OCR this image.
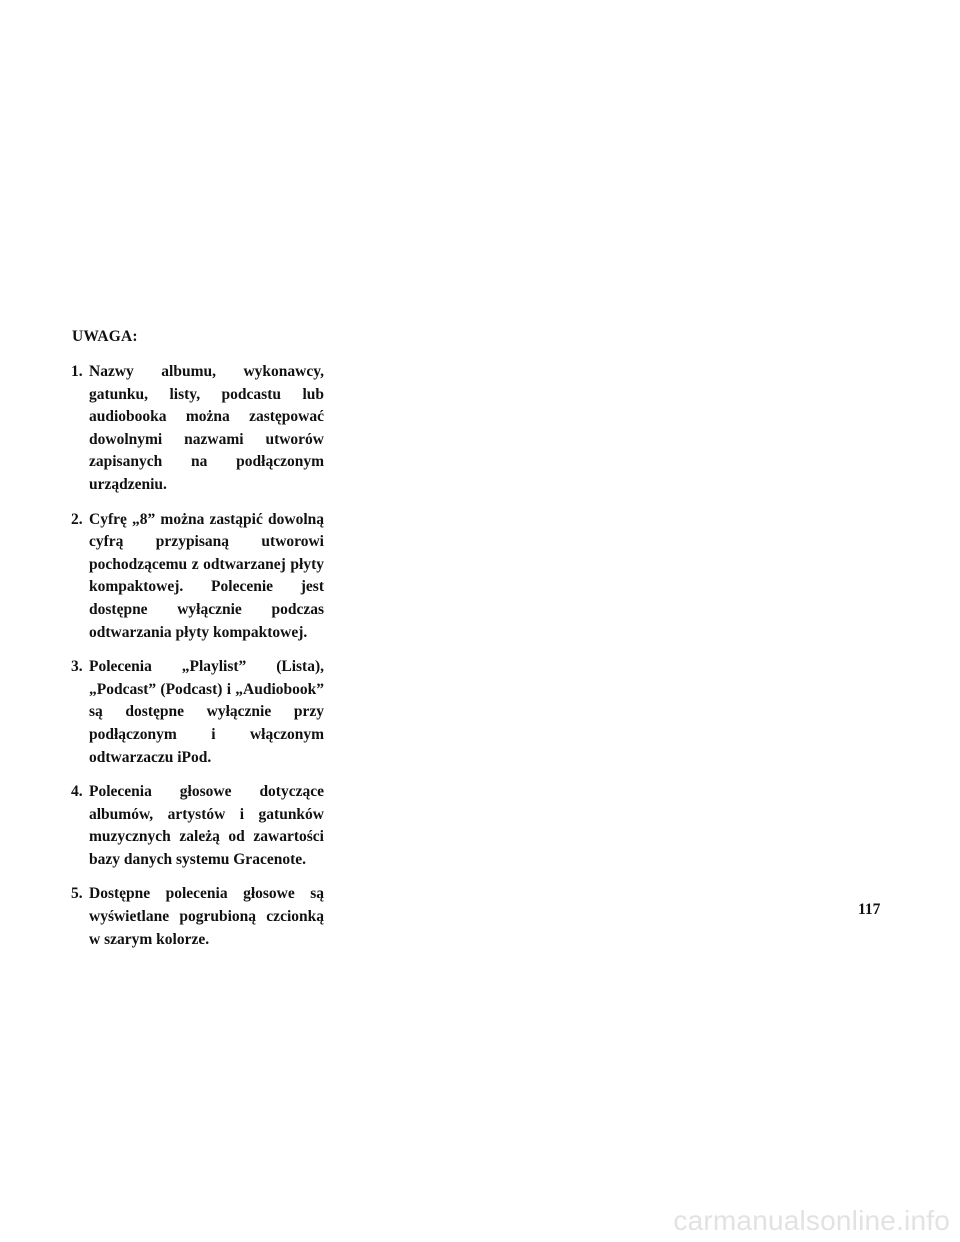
UWAGA:
1. Nazwy albumu, wykonawcy, gatunku, listy, podcastu lub audiobooka można zastępować dowolnymi nazwami utworów zapisanych na podłączonym urządzeniu.
2. Cyfrę „8” można zastąpić dowolną cyfrą przypisaną utworowi pochodzącemu z odtwarzanej płyty kompaktowej. Polecenie jest dostępne wyłącznie podczas odtwarzania płyty kompaktowej.
3. Polecenia „Playlist” (Lista), „Podcast” (Podcast) i „Audiobook” są dostępne wyłącznie przy podłączonym i włączonym odtwarzaczu iPod.
4. Polecenia głosowe dotyczące albumów, artystów i gatunków muzycznych zależą od zawartości bazy danych systemu Gracenote.
5. Dostępne polecenia głosowe są wyświetlane pogrubioną czcionką w szarym kolorze.
117
carmanualsonline.info
